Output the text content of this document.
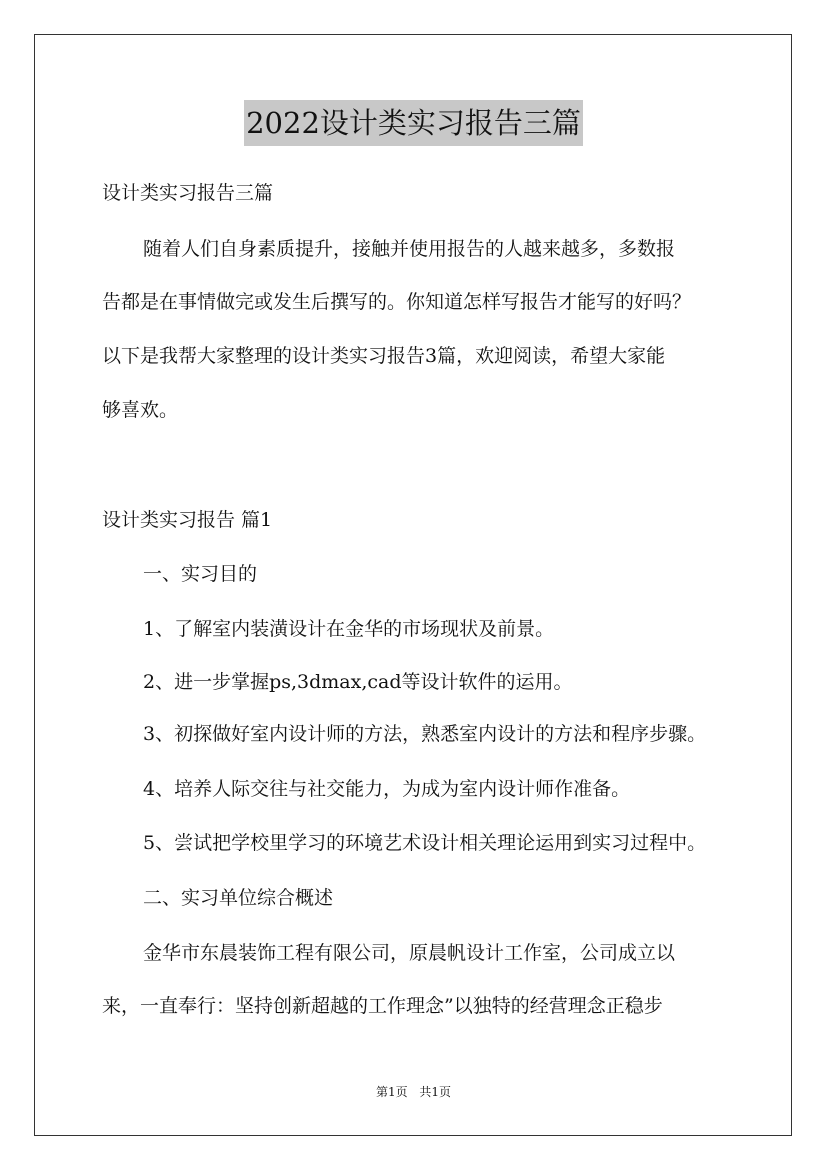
2022设计类实习报告三篇
设计类实习报告三篇
随着人们自身素质提升，接触并使用报告的人越来越多，多数报
告都是在事情做完或发生后撰写的。你知道怎样写报告才能写的好吗？
以下是我帮大家整理的设计类实习报告3篇，欢迎阅读，希望大家能
够喜欢。
设计类实习报告 篇1
一、实习目的
1、了解室内装潢设计在金华的市场现状及前景。
2、进一步掌握ps,3dmax,cad等设计软件的运用。
3、初探做好室内设计师的方法，熟悉室内设计的方法和程序步骤。
4、培养人际交往与社交能力，为成为室内设计师作准备。
5、尝试把学校里学习的环境艺术设计相关理论运用到实习过程中。
二、实习单位综合概述
金华市东晨装饰工程有限公司，原晨帆设计工作室，公司成立以
来，一直奉行：坚持创新超越的工作理念”以独特的经营理念正稳步
第1页 共1页
